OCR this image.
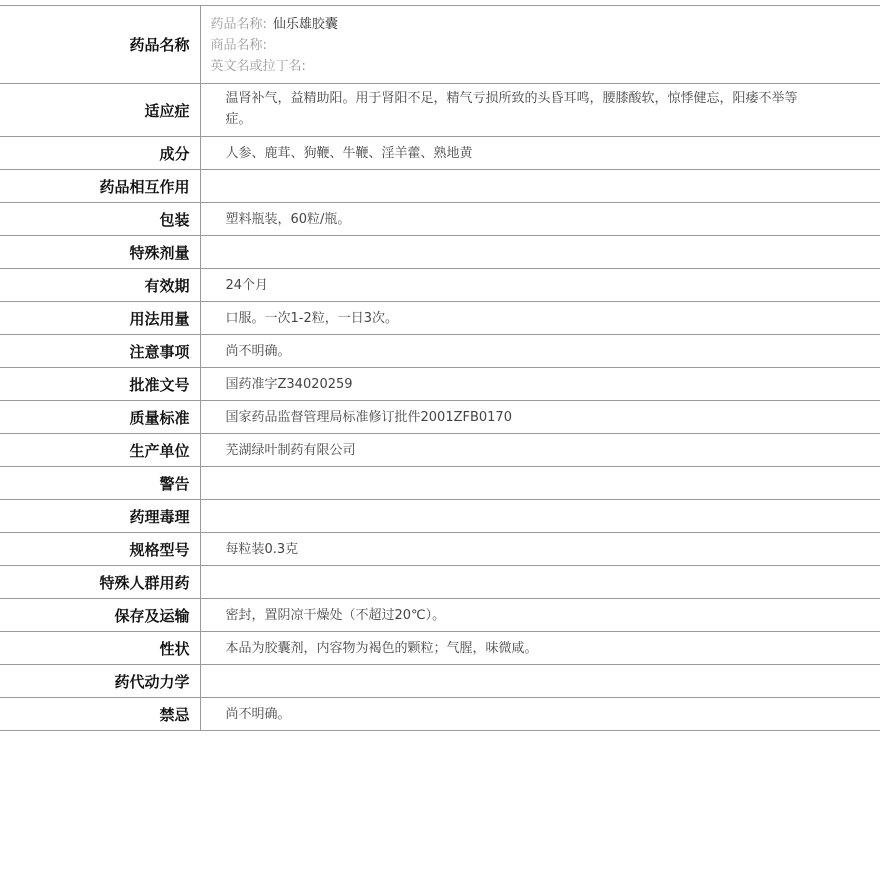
药品名称	药品名称: 仙乐雄胶囊
商品名称:
英文名或拉丁名:

适应症	温肾补气，益精助阳。用于肾阳不足，精气亏损所致的头昏耳鸣，腰膝酸软，惊悸健忘，阳痿不举等症。
成分	人参、鹿茸、狗鞭、牛鞭、淫羊藿、熟地黄
药品相互作用	
包装	塑料瓶装，60粒/瓶。
特殊剂量	
有效期	24个月
用法用量	口服。一次1-2粒，一日3次。
注意事项	尚不明确。
批准文号	国药准字Z34020259
质量标准	国家药品监督管理局标准修订批件2001ZFB0170
生产单位	芜湖绿叶制药有限公司
警告	
药理毒理	
规格型号	每粒装0.3克
特殊人群用药	
保存及运输	密封，置阴凉干燥处（不超过20℃）。
性状	本品为胶囊剂，内容物为褐色的颗粒；气腥，味微咸。
药代动力学	
禁忌	尚不明确。
